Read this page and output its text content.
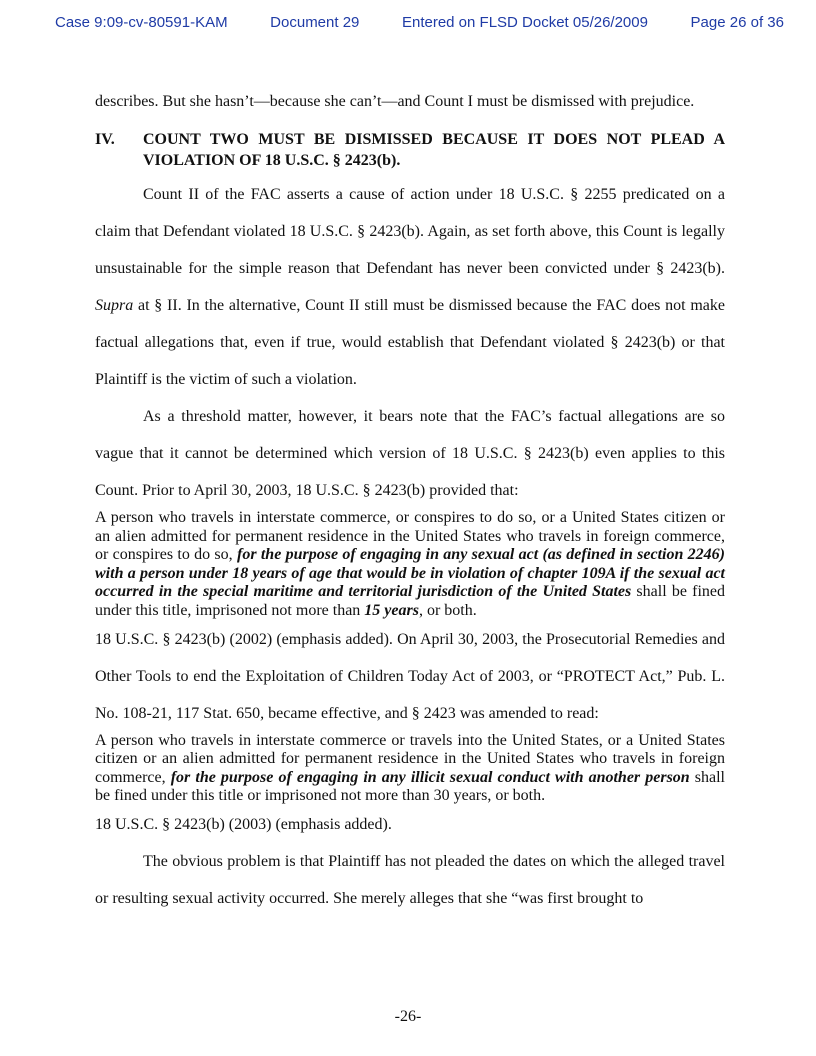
Case 9:09-cv-80591-KAM	Document 29	Entered on FLSD Docket 05/26/2009	Page 26 of 36

describes. But she hasn’t—because she can’t—and Count I must be dismissed with prejudice.

IV. COUNT TWO MUST BE DISMISSED BECAUSE IT DOES NOT PLEAD A VIOLATION OF 18 U.S.C. § 2423(b).

Count II of the FAC asserts a cause of action under 18 U.S.C. § 2255 predicated on a claim that Defendant violated 18 U.S.C. § 2423(b). Again, as set forth above, this Count is legally unsustainable for the simple reason that Defendant has never been convicted under § 2423(b). Supra at § II. In the alternative, Count II still must be dismissed because the FAC does not make factual allegations that, even if true, would establish that Defendant violated § 2423(b) or that Plaintiff is the victim of such a violation.

As a threshold matter, however, it bears note that the FAC’s factual allegations are so vague that it cannot be determined which version of 18 U.S.C. § 2423(b) even applies to this Count. Prior to April 30, 2003, 18 U.S.C. § 2423(b) provided that:

A person who travels in interstate commerce, or conspires to do so, or a United States citizen or an alien admitted for permanent residence in the United States who travels in foreign commerce, or conspires to do so, for the purpose of engaging in any sexual act (as defined in section 2246) with a person under 18 years of age that would be in violation of chapter 109A if the sexual act occurred in the special maritime and territorial jurisdiction of the United States shall be fined under this title, imprisoned not more than 15 years, or both.

18 U.S.C. § 2423(b) (2002) (emphasis added). On April 30, 2003, the Prosecutorial Remedies and Other Tools to end the Exploitation of Children Today Act of 2003, or “PROTECT Act,” Pub. L. No. 108-21, 117 Stat. 650, became effective, and § 2423 was amended to read:

A person who travels in interstate commerce or travels into the United States, or a United States citizen or an alien admitted for permanent residence in the United States who travels in foreign commerce, for the purpose of engaging in any illicit sexual conduct with another person shall be fined under this title or imprisoned not more than 30 years, or both.

18 U.S.C. § 2423(b) (2003) (emphasis added).

The obvious problem is that Plaintiff has not pleaded the dates on which the alleged travel or resulting sexual activity occurred. She merely alleges that she “was first brought to

-26-
